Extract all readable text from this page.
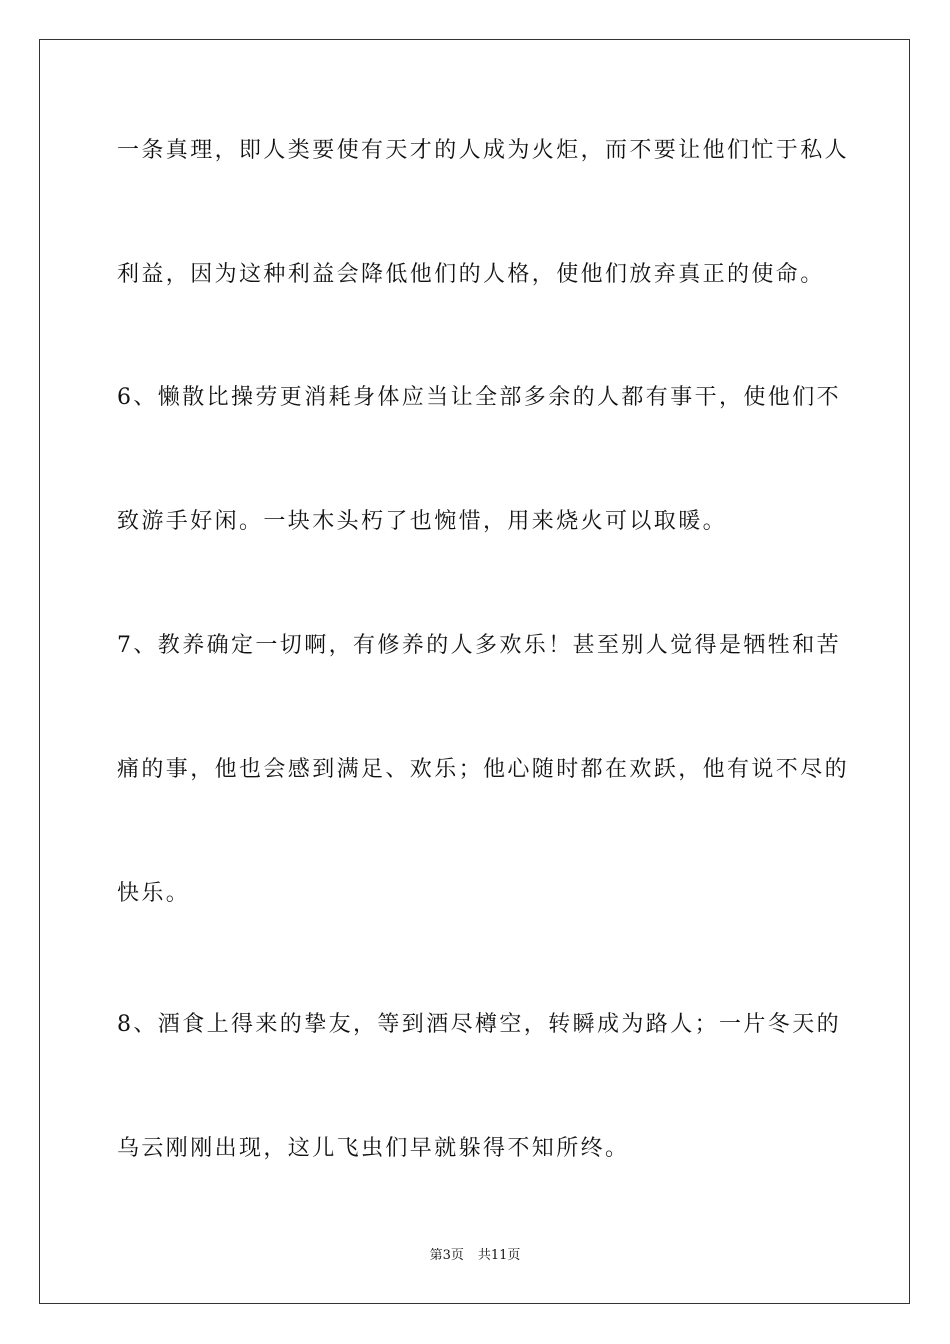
一条真理，即人类要使有天才的人成为火炬，而不要让他们忙于私人
利益，因为这种利益会降低他们的人格，使他们放弃真正的使命。
6、懒散比操劳更消耗身体应当让全部多余的人都有事干，使他们不
致游手好闲。一块木头朽了也惋惜，用来烧火可以取暖。
7、教养确定一切啊，有修养的人多欢乐！甚至别人觉得是牺牲和苦
痛的事，他也会感到满足、欢乐；他心随时都在欢跃，他有说不尽的
快乐。
8、酒食上得来的挚友，等到酒尽樽空，转瞬成为路人；一片冬天的
乌云刚刚出现，这儿飞虫们早就躲得不知所终。
第3页 共11页
